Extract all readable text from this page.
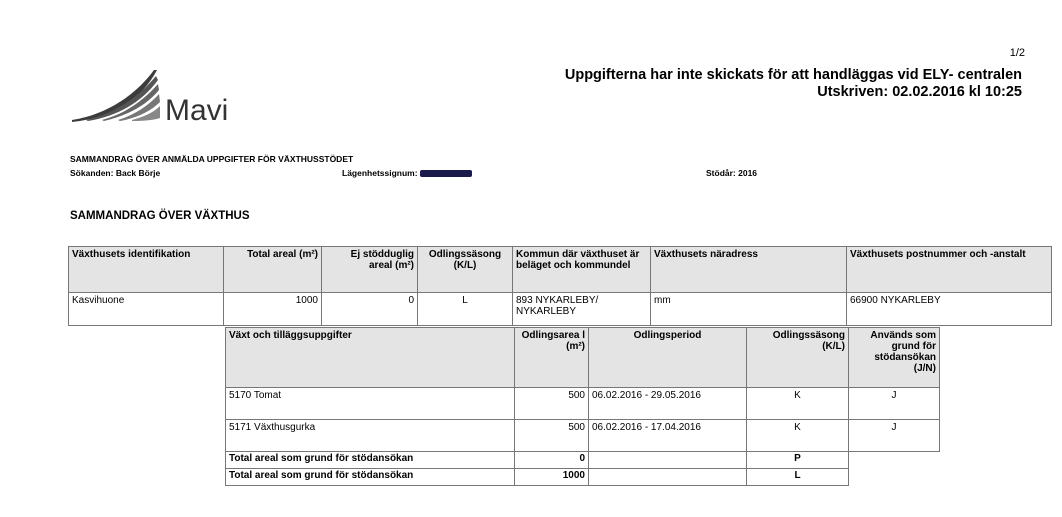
1/2
Uppgifterna har inte skickats för att handläggas vid ELY- centralen
Utskriven: 02.02.2016 kl 10:25
Mavi
SAMMANDRAG ÖVER ANMÄLDA UPPGIFTER FÖR VÄXTHUSSTÖDET
Sökanden: Back Börje	Lägenhetssignum:	Stödår: 2016
SAMMANDRAG ÖVER VÄXTHUS
Växthusets identifikation	Total areal (m²)	Ej stödduglig areal (m²)	Odlingssäsong (K/L)	Kommun där växthuset är beläget och kommundel	Växthusets näradress	Växthusets postnummer och -anstalt
Kasvihuone	1000	0	L	893 NYKARLEBY/ NYKARLEBY	mm	66900 NYKARLEBY
Växt och tilläggsuppgifter	Odlingsarea l (m²)	Odlingsperiod	Odlingssäsong (K/L)	Används som grund för stödansökan (J/N)
5170 Tomat	500	06.02.2016 - 29.05.2016	K	J
5171 Växthusgurka	500	06.02.2016 - 17.04.2016	K	J
Total areal som grund för stödansökan	0		P	
Total areal som grund för stödansökan	1000		L	
